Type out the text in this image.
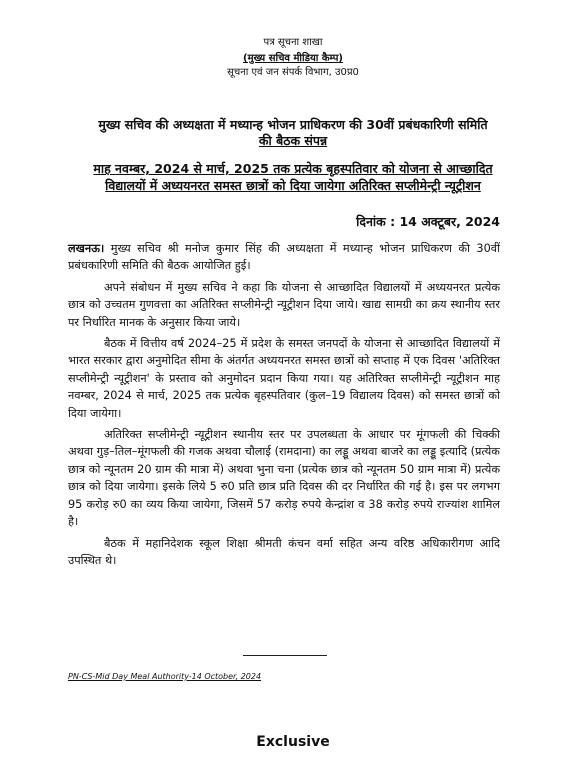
पत्र सूचना शाखा
(मुख्य सचिव मीडिया कैम्प)
सूचना एवं जन संपर्क विभाग, उ0प्र0
मुख्य सचिव की अध्यक्षता में मध्यान्ह भोजन प्राधिकरण की 30वीं प्रबंधकारिणी समिति
की बैठक संपन्न
माह नवम्बर, 2024 से मार्च, 2025 तक प्रत्येक बृहस्पतिवार को योजना से आच्छादित
विद्यालयों में अध्ययनरत समस्त छात्रों को दिया जायेगा अतिरिक्त सप्लीमेन्ट्री न्यूट्रीशन
दिनांक : 14 अक्टूबर, 2024

लखनऊ। मुख्य सचिव श्री मनोज कुमार सिंह की अध्यक्षता में मध्यान्ह भोजन प्राधिकरण की 30वीं प्रबंधकारिणी समिति की बैठक आयोजित हुई।

अपने संबोधन में मुख्य सचिव ने कहा कि योजना से आच्छादित विद्यालयों में अध्ययनरत प्रत्येक छात्र को उच्चतम गुणवत्ता का अतिरिक्त सप्लीमेन्ट्री न्यूट्रीशन दिया जाये। खाद्य सामग्री का क्रय स्थानीय स्तर पर निर्धारित मानक के अनुसार किया जाये।

बैठक में वित्तीय वर्ष 2024–25 में प्रदेश के समस्त जनपदों के योजना से आच्छादित विद्यालयों में भारत सरकार द्वारा अनुमोदित सीमा के अंतर्गत अध्ययनरत समस्त छात्रों को सप्ताह में एक दिवस 'अतिरिक्त सप्लीमेन्ट्री न्यूट्रीशन' के प्रस्ताव को अनुमोदन प्रदान किया गया। यह अतिरिक्त सप्लीमेन्ट्री न्यूट्रीशन माह नवम्बर, 2024 से मार्च, 2025 तक प्रत्येक बृहस्पतिवार (कुल–19 विद्यालय दिवस) को समस्त छात्रों को दिया जायेगा।

अतिरिक्त सप्लीमेन्ट्री न्यूट्रीशन स्थानीय स्तर पर उपलब्धता के आधार पर मूंगफली की चिक्की अथवा गुड़–तिल–मूंगफली की गजक अथवा चौलाई (रामदाना) का लड्डू अथवा बाजरे का लड्डू इत्यादि (प्रत्येक छात्र को न्यूनतम 20 ग्राम की मात्रा में) अथवा भुना चना (प्रत्येक छात्र को न्यूनतम 50 ग्राम मात्रा में) प्रत्येक छात्र को दिया जायेगा। इसके लिये 5 रु0 प्रति छात्र प्रति दिवस की दर निर्धारित की गई है। इस पर लगभग 95 करोड़ रु0 का व्यय किया जायेगा, जिसमें 57 करोड़ रुपये केन्द्रांश व 38 करोड़ रुपये राज्यांश शामिल है।

बैठक में महानिदेशक स्कूल शिक्षा श्रीमती कंचन वर्मा सहित अन्य वरिष्ठ अधिकारीगण आदि उपस्थित थे।

PN-CS-Mid Day Meal Authority-14 October, 2024
Exclusive
